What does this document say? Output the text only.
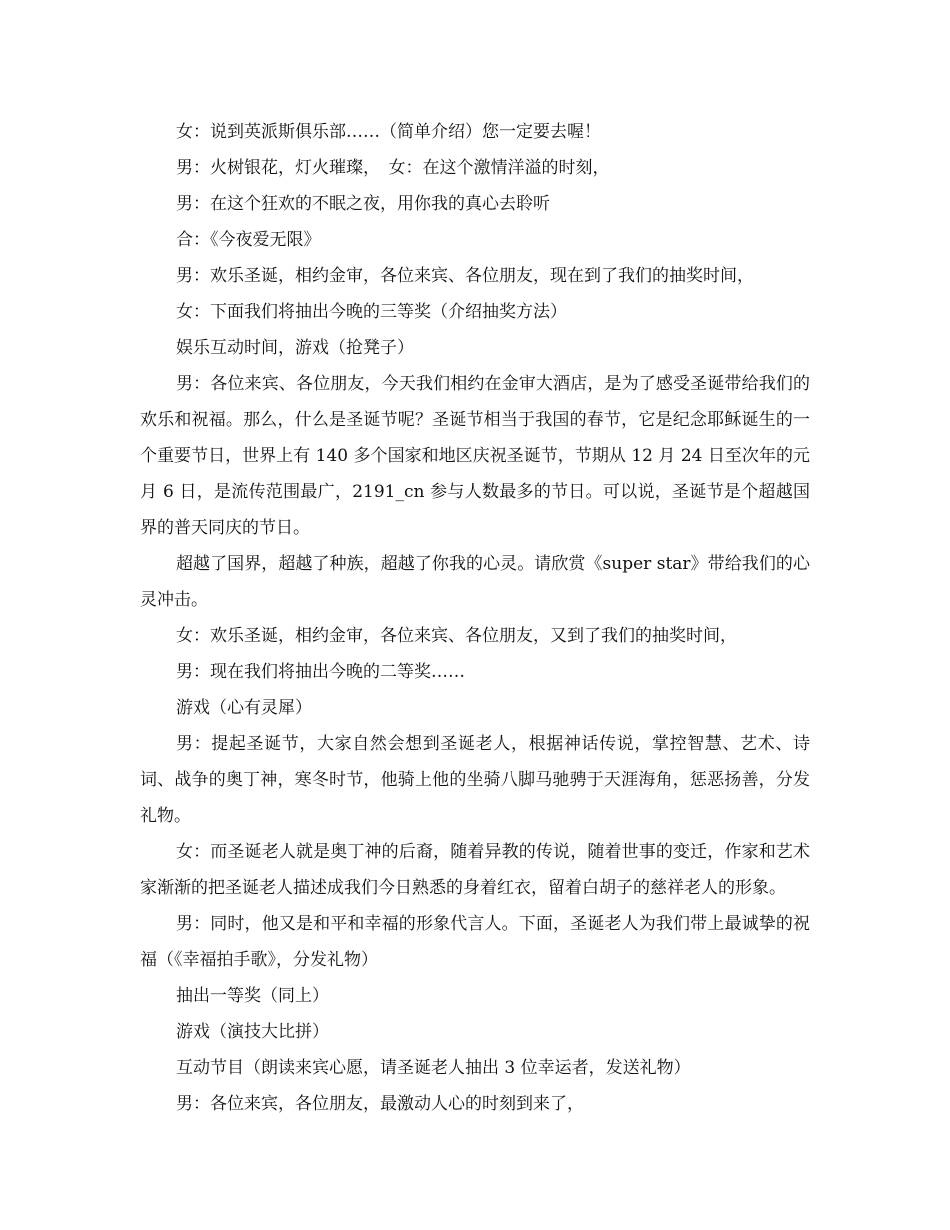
女：说到英派斯俱乐部……（简单介绍）您一定要去喔！

男：火树银花，灯火璀璨，　女：在这个激情洋溢的时刻，

男：在这个狂欢的不眠之夜，用你我的真心去聆听

合：《今夜爱无限》

男：欢乐圣诞，相约金审，各位来宾、各位朋友，现在到了我们的抽奖时间，

女：下面我们将抽出今晚的三等奖（介绍抽奖方法）

娱乐互动时间，游戏（抢凳子）

男：各位来宾、各位朋友，今天我们相约在金审大酒店，是为了感受圣诞带给我们的欢乐和祝福。那么，什么是圣诞节呢？圣诞节相当于我国的春节，它是纪念耶稣诞生的一个重要节日，世界上有 140 多个国家和地区庆祝圣诞节，节期从 12 月 24 日至次年的元月 6 日，是流传范围最广，2191_cn 参与人数最多的节日。可以说，圣诞节是个超越国界的普天同庆的节日。

超越了国界，超越了种族，超越了你我的心灵。请欣赏《super star》带给我们的心灵冲击。

女：欢乐圣诞，相约金审，各位来宾、各位朋友，又到了我们的抽奖时间，

男：现在我们将抽出今晚的二等奖……

游戏（心有灵犀）

男：提起圣诞节，大家自然会想到圣诞老人，根据神话传说，掌控智慧、艺术、诗词、战争的奥丁神，寒冬时节，他骑上他的坐骑八脚马驰骋于天涯海角，惩恶扬善，分发礼物。

女：而圣诞老人就是奥丁神的后裔，随着异教的传说，随着世事的变迁，作家和艺术家渐渐的把圣诞老人描述成我们今日熟悉的身着红衣，留着白胡子的慈祥老人的形象。

男：同时，他又是和平和幸福的形象代言人。下面，圣诞老人为我们带上最诚挚的祝福（《幸福拍手歌》，分发礼物）

抽出一等奖（同上）

游戏（演技大比拼）

互动节目（朗读来宾心愿，请圣诞老人抽出 3 位幸运者，发送礼物）

男：各位来宾，各位朋友，最激动人心的时刻到来了，
